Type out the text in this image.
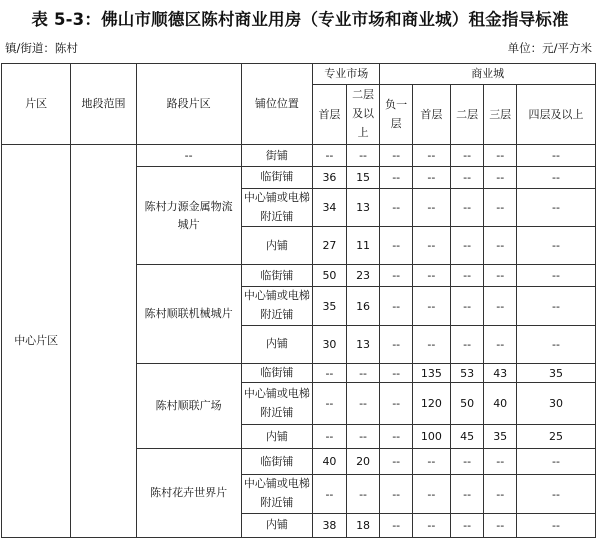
表 5-3：佛山市顺德区陈村商业用房（专业市场和商业城）租金指导标准
镇/街道：陈村	单位：元/平方米
片区	地段范围	路段片区	铺位位置	专业市场		商业城				
				首层	二层及以上	负一层	首层	二层	三层	四层及以上

中心片区		--	街铺	--	--	--	--	--	--	--
		陈村力源金属物流城片	临街铺	36	15	--	--	--	--	--
			中心铺或电梯附近铺	34	13	--	--	--	--	--
			内铺	27	11	--	--	--	--	--
		陈村顺联机械城片	临街铺	50	23	--	--	--	--	--
			中心铺或电梯附近铺	35	16	--	--	--	--	--
			内铺	30	13	--	--	--	--	--
		陈村顺联广场	临街铺	--	--	--	135	53	43	35
			中心铺或电梯附近铺	--	--	--	120	50	40	30
			内铺	--	--	--	100	45	35	25
		陈村花卉世界片	临街铺	40	20	--	--	--	--	--
			中心铺或电梯附近铺	--	--	--	--	--	--	--
			内铺	38	18	--	--	--	--	--
